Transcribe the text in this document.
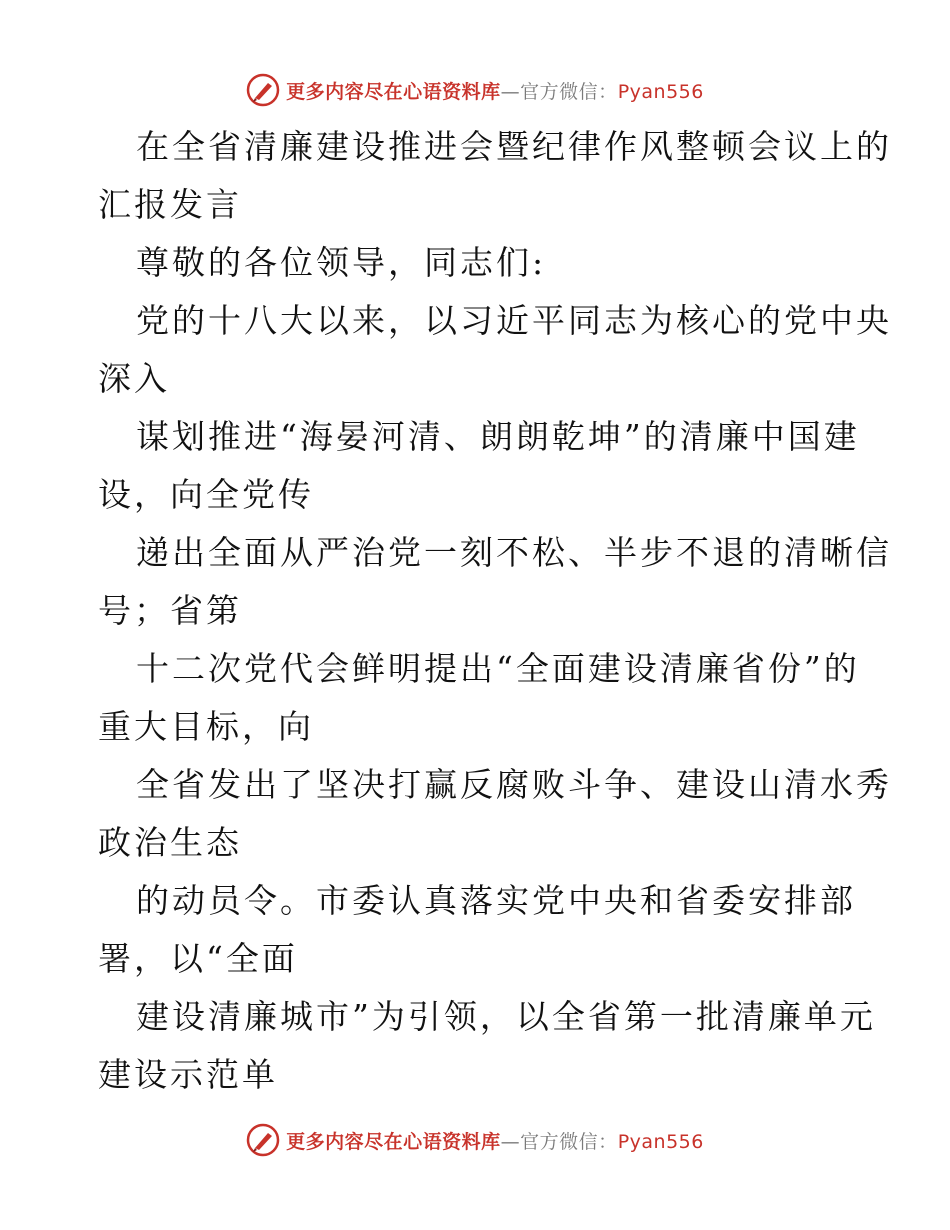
更多内容尽在心语资料库—官方微信：Pyan556
在全省清廉建设推进会暨纪律作风整顿会议上的
汇报发言
尊敬的各位领导，同志们:
党的十八大以来，以习近平同志为核心的党中央
深入
谋划推进“海晏河清、朗朗乾坤”的清廉中国建
设，向全党传
递出全面从严治党一刻不松、半步不退的清晰信
号；省第
十二次党代会鲜明提出“全面建设清廉省份”的
重大目标，向
全省发出了坚决打赢反腐败斗争、建设山清水秀
政治生态
的动员令。市委认真落实党中央和省委安排部
署，以“全面
建设清廉城市”为引领，以全省第一批清廉单元
建设示范单
更多内容尽在心语资料库—官方微信：Pyan556
